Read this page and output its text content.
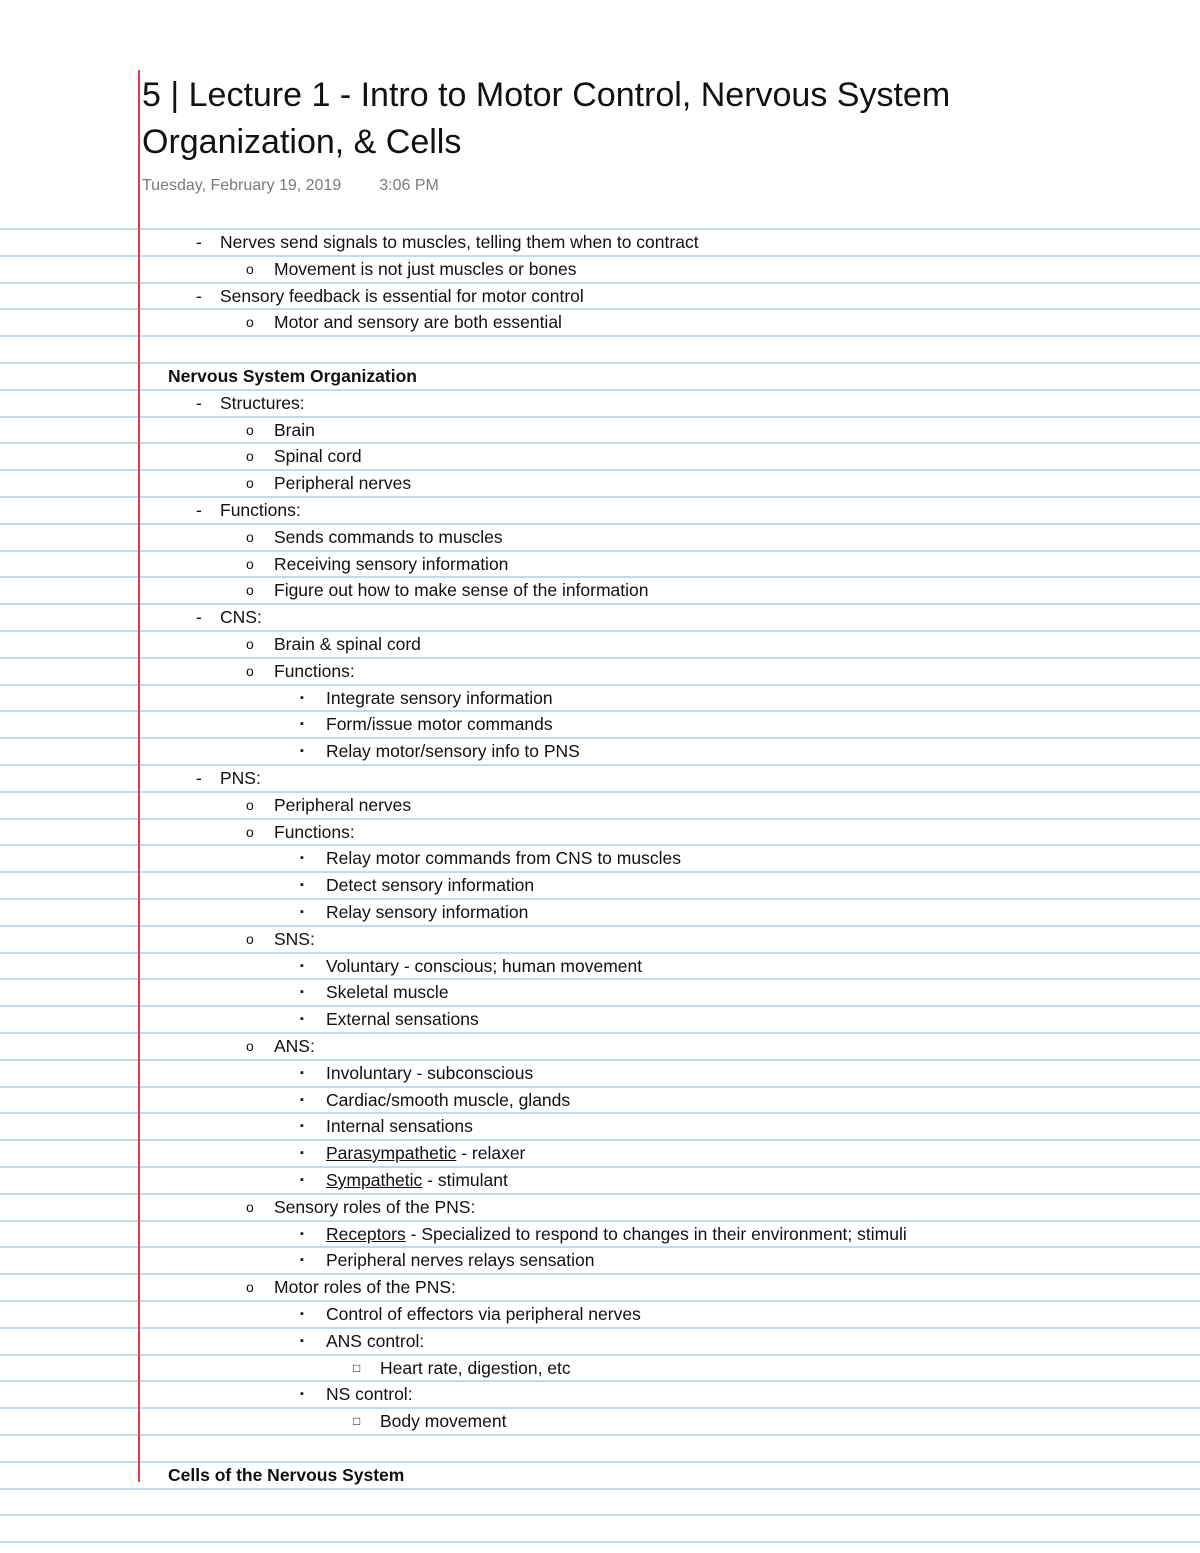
5 | Lecture 1 - Intro to Motor Control, Nervous System Organization, & Cells
Tuesday, February 19, 2019 3:06 PM
- Nerves send signals to muscles, telling them when to contract
o Movement is not just muscles or bones
- Sensory feedback is essential for motor control
o Motor and sensory are both essential
Nervous System Organization
- Structures:
o Brain
o Spinal cord
o Peripheral nerves
- Functions:
o Sends commands to muscles
o Receiving sensory information
o Figure out how to make sense of the information
- CNS:
o Brain & spinal cord
o Functions:
▪ Integrate sensory information
▪ Form/issue motor commands
▪ Relay motor/sensory info to PNS
- PNS:
o Peripheral nerves
o Functions:
▪ Relay motor commands from CNS to muscles
▪ Detect sensory information
▪ Relay sensory information
o SNS:
▪ Voluntary - conscious; human movement
▪ Skeletal muscle
▪ External sensations
o ANS:
▪ Involuntary - subconscious
▪ Cardiac/smooth muscle, glands
▪ Internal sensations
▪ Parasympathetic - relaxer
▪ Sympathetic - stimulant
o Sensory roles of the PNS:
▪ Receptors - Specialized to respond to changes in their environment; stimuli
▪ Peripheral nerves relays sensation
o Motor roles of the PNS:
▪ Control of effectors via peripheral nerves
▪ ANS control:
□ Heart rate, digestion, etc
▪ NS control:
□ Body movement
Cells of the Nervous System
